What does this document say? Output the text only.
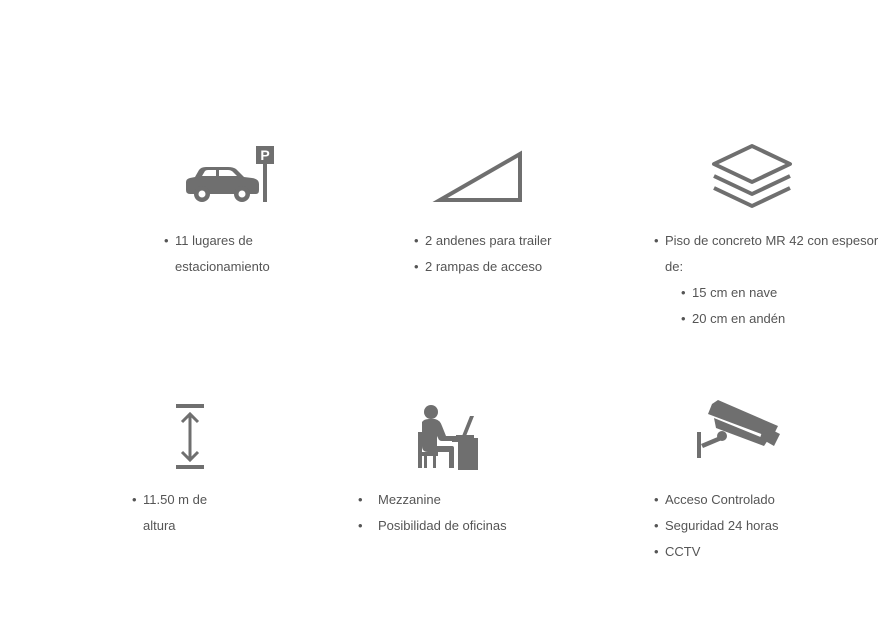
P
• 11 lugares de
estacionamiento
• 2 andenes para trailer
• 2 rampas de acceso
• Piso de concreto MR 42 con espesor
de:
• 15 cm en nave
• 20 cm en andén
• 11.50 m de
altura
• Mezzanine
• Posibilidad de oficinas
• Acceso Controlado
• Seguridad 24 horas
• CCTV
